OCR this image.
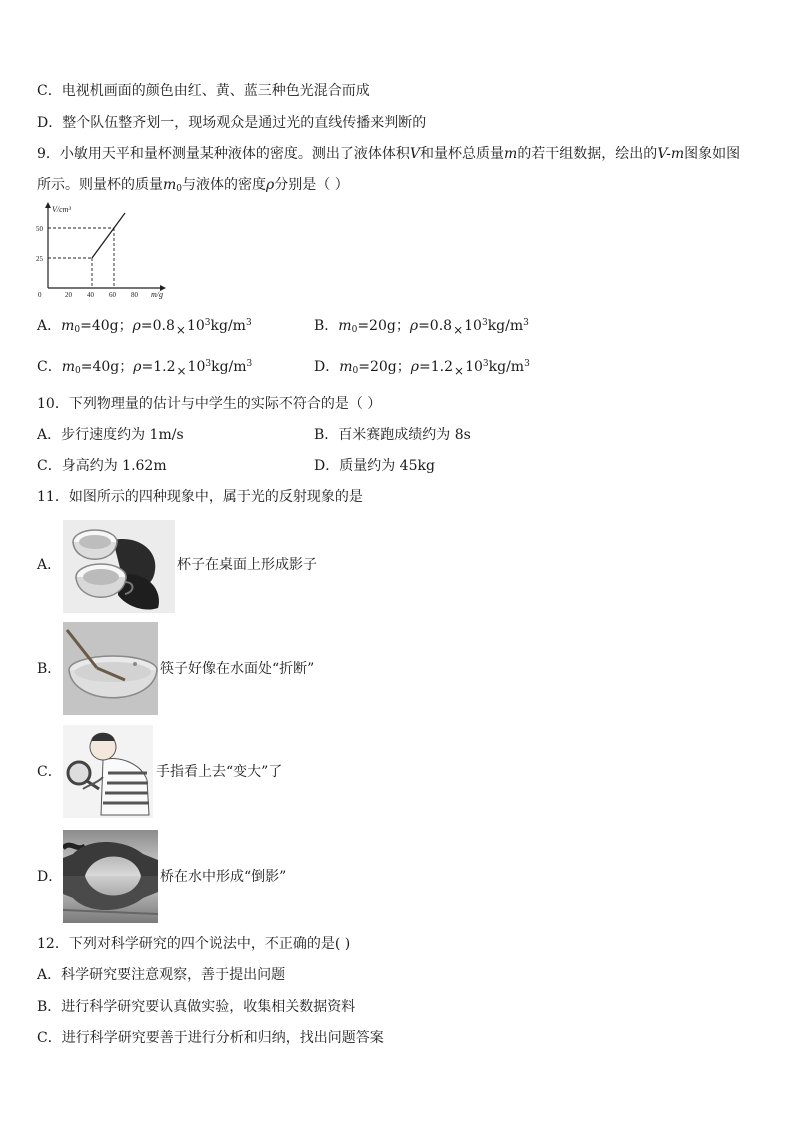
C．电视机画面的颜色由红、黄、蓝三种色光混合而成
D．整个队伍整齐划一，现场观众是通过光的直线传播来判断的
9．小敏用天平和量杯测量某种液体的密度。测出了液体体积V和量杯总质量m的若干组数据，绘出的V-m图象如图
所示。则量杯的质量$m_0$与液体的密度ρ分别是（ ）
V/cm³
m/g
0	20 40 60 80
25
50
A．$m_0=40g$；$\rho=0.8\times 10^3kg/m^3$	B．$m_0=20g$；$\rho=0.8\times 10^3kg/m^3$
C．$m_0=40g$；$\rho=1.2\times 10^3kg/m^3$	D．$m_0=20g$；$\rho=1.2\times 10^3kg/m^3$
10．下列物理量的估计与中学生的实际不符合的是（ ）
A．步行速度约为 1m/s	B．百米赛跑成绩约为 8s
C．身高约为 1.62m	D．质量约为 45kg
11．如图所示的四种现象中，属于光的反射现象的是
A．	杯子在桌面上形成影子
B．	筷子好像在水面处“折断”
C．	手指看上去“变大”了
D．	桥在水中形成“倒影”
12．下列对科学研究的四个说法中，不正确的是( )
A．科学研究要注意观察，善于提出问题
B．进行科学研究要认真做实验，收集相关数据资料
C．进行科学研究要善于进行分析和归纳，找出问题答案
